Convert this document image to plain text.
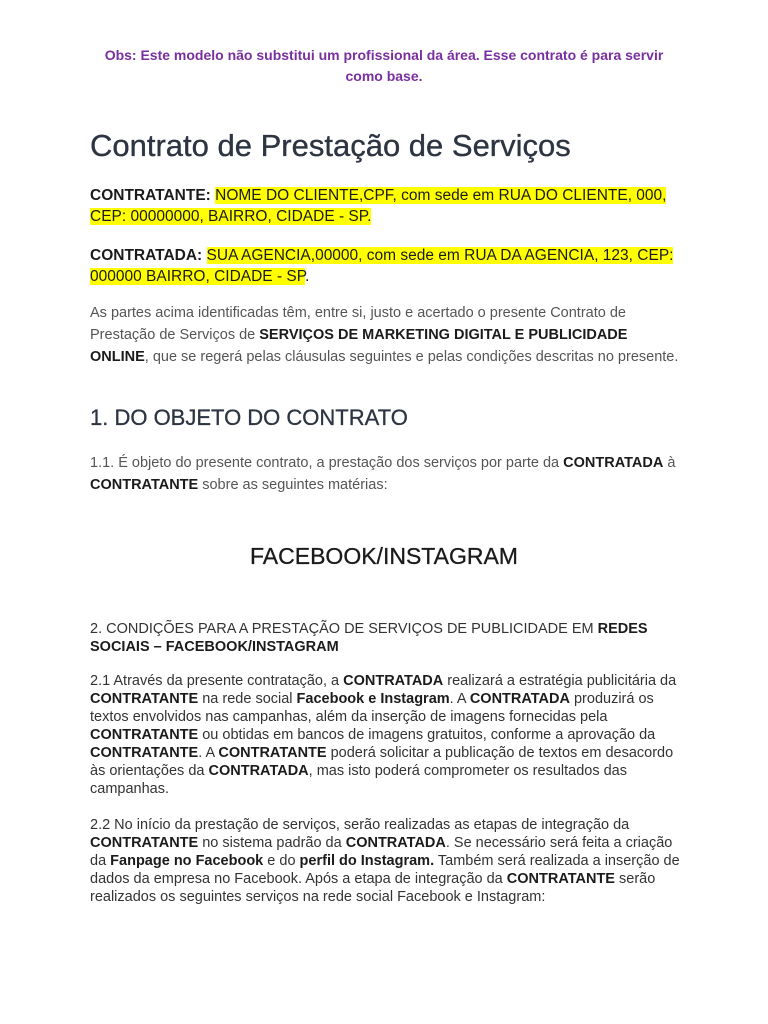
Obs: Este modelo não substitui um profissional da área. Esse contrato é para servir como base.
Contrato de Prestação de Serviços
CONTRATANTE: NOME DO CLIENTE,CPF, com sede em RUA DO CLIENTE, 000, CEP: 00000000, BAIRRO, CIDADE - SP.
CONTRATADA: SUA AGENCIA,00000, com sede em RUA DA AGENCIA, 123, CEP: 000000 BAIRRO, CIDADE - SP.
As partes acima identificadas têm, entre si, justo e acertado o presente Contrato de Prestação de Serviços de SERVIÇOS DE MARKETING DIGITAL E PUBLICIDADE ONLINE, que se regerá pelas cláusulas seguintes e pelas condições descritas no presente.
1. DO OBJETO DO CONTRATO
1.1. É objeto do presente contrato, a prestação dos serviços por parte da CONTRATADA à CONTRATANTE sobre as seguintes matérias:
FACEBOOK/INSTAGRAM
2. CONDIÇÕES PARA A PRESTAÇÃO DE SERVIÇOS DE PUBLICIDADE EM REDES SOCIAIS – FACEBOOK/INSTAGRAM
2.1 Através da presente contratação, a CONTRATADA realizará a estratégia publicitária da CONTRATANTE na rede social Facebook e Instagram. A CONTRATADA produzirá os textos envolvidos nas campanhas, além da inserção de imagens fornecidas pela CONTRATANTE ou obtidas em bancos de imagens gratuitos, conforme a aprovação da CONTRATANTE. A CONTRATANTE poderá solicitar a publicação de textos em desacordo às orientações da CONTRATADA, mas isto poderá comprometer os resultados das campanhas.
2.2 No início da prestação de serviços, serão realizadas as etapas de integração da CONTRATANTE no sistema padrão da CONTRATADA. Se necessário será feita a criação da Fanpage no Facebook e do perfil do Instagram. Também será realizada a inserção de dados da empresa no Facebook. Após a etapa de integração da CONTRATANTE serão realizados os seguintes serviços na rede social Facebook e Instagram:
